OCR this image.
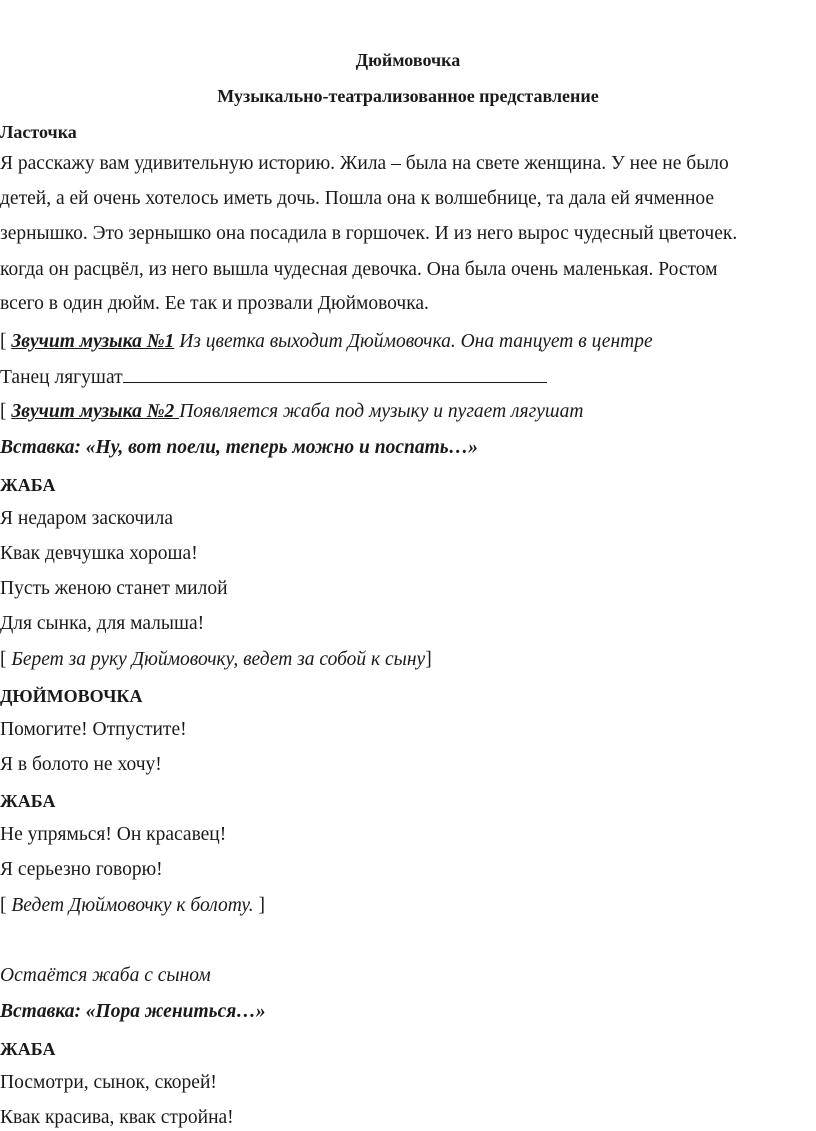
Дюймовочка
Музыкально-театрализованное представление
Ласточка
Я расскажу вам удивительную историю. Жила – была на свете женщина. У нее не было
детей, а ей очень хотелось иметь дочь. Пошла она к волшебнице, та дала ей ячменное
зернышко. Это зернышко она посадила в горшочек. И из него вырос чудесный цветочек.
когда он расцвёл, из него вышла чудесная девочка. Она была очень маленькая. Ростом
всего в один дюйм. Ее так и прозвали Дюймовочка.
[ Звучит музыка №1 Из цветка выходит Дюймовочка. Она танцует в центре
Танец лягушат
[ Звучит музыка №2 Появляется жаба под музыку и пугает лягушат
Вставка: «Ну, вот поели, теперь можно и поспать…»
ЖАБА
Я недаром заскочила
Квак девчушка хороша!
Пусть женою станет милой
Для сынка, для малыша!
[ Берет за руку Дюймовочку, ведет за собой к сыну]
ДЮЙМОВОЧКА
Помогите! Отпустите!
Я в болото не хочу!
ЖАБА
Не упрямься! Он красавец!
Я серьезно говорю!
[ Ведет Дюймовочку к болоту. ]
Остаётся жаба с сыном
Вставка: «Пора жениться…»
ЖАБА
Посмотри, сынок, скорей!
Квак красива, квак стройна!
